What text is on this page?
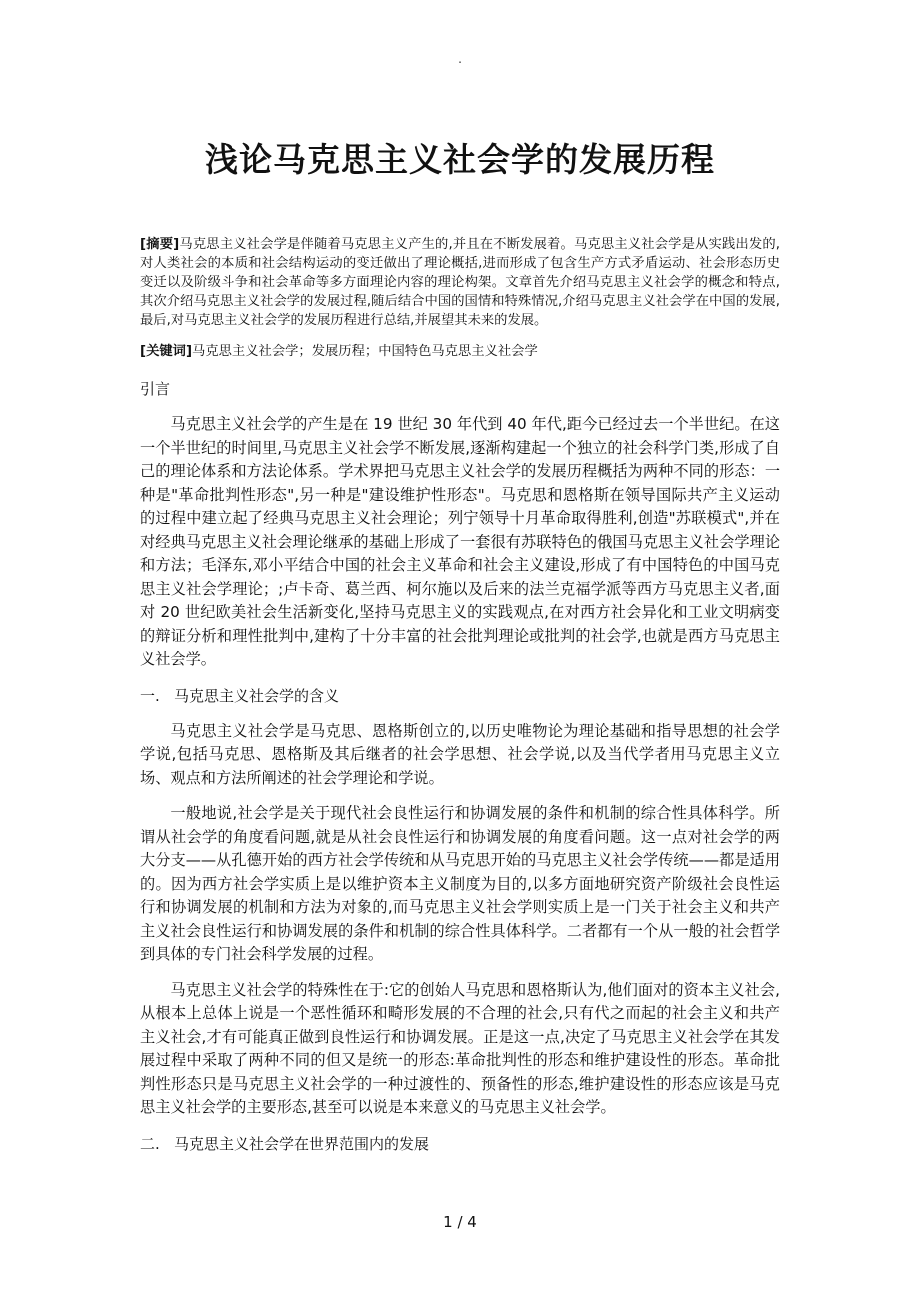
.
浅论马克思主义社会学的发展历程

[摘要]马克思主义社会学是伴随着马克思主义产生的,并且在不断发展着。马克思主义社会学是从实践出发的,对人类社会的本质和社会结构运动的变迁做出了理论概括,进而形成了包含生产方式矛盾运动、社会形态历史变迁以及阶级斗争和社会革命等多方面理论内容的理论构架。文章首先介绍马克思主义社会学的概念和特点,其次介绍马克思主义社会学的发展过程,随后结合中国的国情和特殊情况,介绍马克思主义社会学在中国的发展,最后,对马克思主义社会学的发展历程进行总结,并展望其未来的发展。

[关键词]马克思主义社会学；发展历程；中国特色马克思主义社会学

引言

马克思主义社会学的产生是在 19 世纪 30 年代到 40 年代,距今已经过去一个半世纪。在这一个半世纪的时间里,马克思主义社会学不断发展,逐渐构建起一个独立的社会科学门类,形成了自己的理论体系和方法论体系。学术界把马克思主义社会学的发展历程概括为两种不同的形态：一种是"革命批判性形态",另一种是"建设维护性形态"。马克思和恩格斯在领导国际共产主义运动的过程中建立起了经典马克思主义社会理论；列宁领导十月革命取得胜利,创造"苏联模式",并在对经典马克思主义社会理论继承的基础上形成了一套很有苏联特色的俄国马克思主义社会学理论和方法；毛泽东,邓小平结合中国的社会主义革命和社会主义建设,形成了有中国特色的中国马克思主义社会学理论；;卢卡奇、葛兰西、柯尔施以及后来的法兰克福学派等西方马克思主义者,面对 20 世纪欧美社会生活新变化,坚持马克思主义的实践观点,在对西方社会异化和工业文明病变的辩证分析和理性批判中,建构了十分丰富的社会批判理论或批判的社会学,也就是西方马克思主义社会学。

一. 马克思主义社会学的含义

马克思主义社会学是马克思、恩格斯创立的,以历史唯物论为理论基础和指导思想的社会学学说,包括马克思、恩格斯及其后继者的社会学思想、社会学说,以及当代学者用马克思主义立场、观点和方法所阐述的社会学理论和学说。

一般地说,社会学是关于现代社会良性运行和协调发展的条件和机制的综合性具体科学。所谓从社会学的角度看问题,就是从社会良性运行和协调发展的角度看问题。这一点对社会学的两大分支——从孔德开始的西方社会学传统和从马克思开始的马克思主义社会学传统——都是适用的。因为西方社会学实质上是以维护资本主义制度为目的,以多方面地研究资产阶级社会良性运行和协调发展的机制和方法为对象的,而马克思主义社会学则实质上是一门关于社会主义和共产主义社会良性运行和协调发展的条件和机制的综合性具体科学。二者都有一个从一般的社会哲学到具体的专门社会科学发展的过程。

马克思主义社会学的特殊性在于:它的创始人马克思和恩格斯认为,他们面对的资本主义社会,从根本上总体上说是一个恶性循环和畸形发展的不合理的社会,只有代之而起的社会主义和共产主义社会,才有可能真正做到良性运行和协调发展。正是这一点,决定了马克思主义社会学在其发展过程中采取了两种不同的但又是统一的形态:革命批判性的形态和维护建设性的形态。革命批判性形态只是马克思主义社会学的一种过渡性的、预备性的形态,维护建设性的形态应该是马克思主义社会学的主要形态,甚至可以说是本来意义的马克思主义社会学。

二. 马克思主义社会学在世界范围内的发展
1 / 4
